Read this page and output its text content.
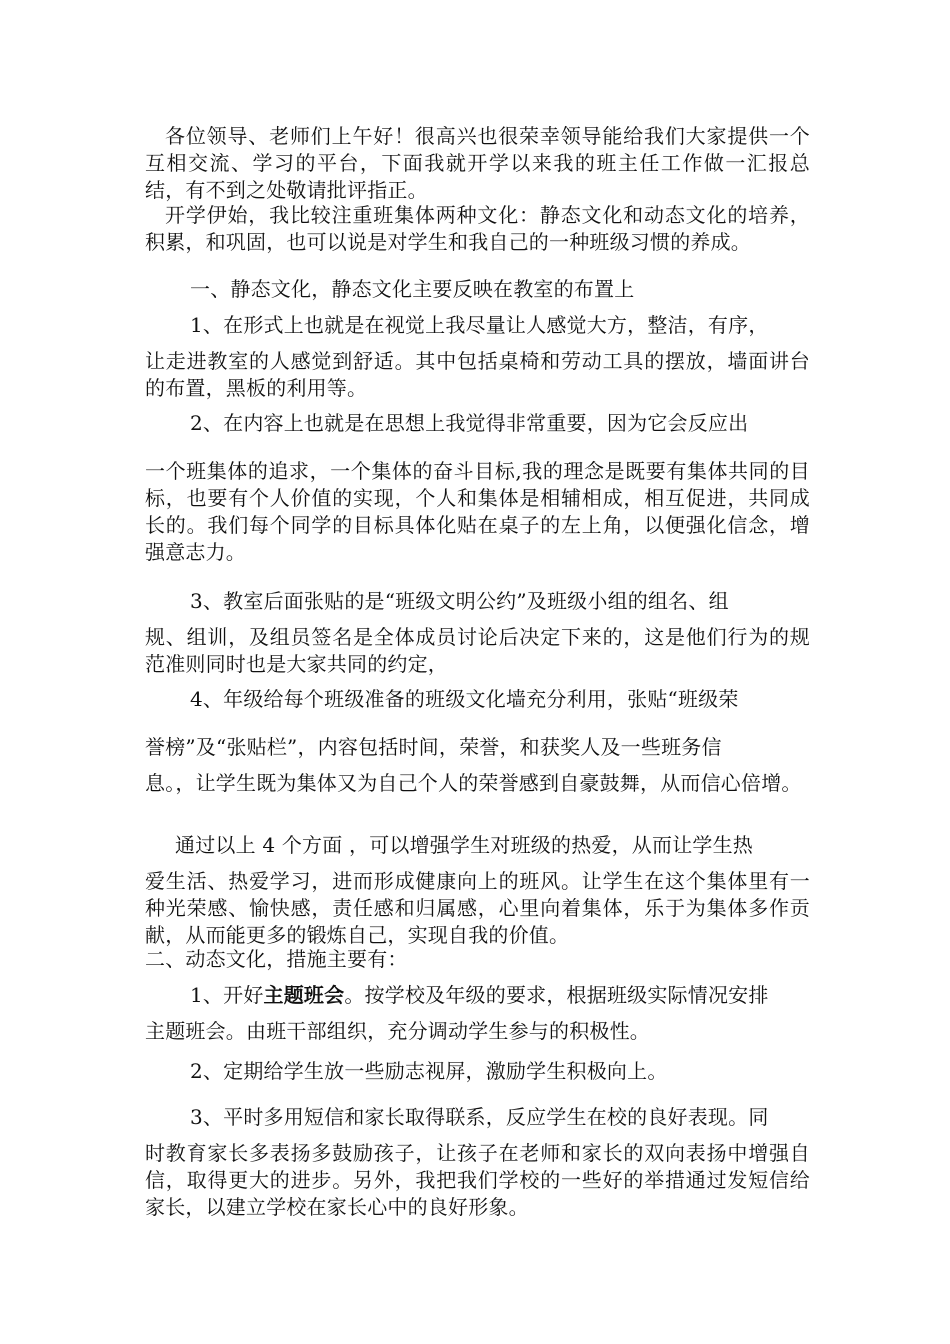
各位领导、老师们上午好！很高兴也很荣幸领导能给我们大家提供一个互相交流、学习的平台，下面我就开学以来我的班主任工作做一汇报总结，有不到之处敬请批评指正。
开学伊始，我比较注重班集体两种文化：静态文化和动态文化的培养，积累，和巩固，也可以说是对学生和我自己的一种班级习惯的养成。
一、静态文化，静态文化主要反映在教室的布置上
1、在形式上也就是在视觉上我尽量让人感觉大方，整洁，有序，
让走进教室的人感觉到舒适。其中包括桌椅和劳动工具的摆放，墙面讲台的布置，黑板的利用等。
2、在内容上也就是在思想上我觉得非常重要，因为它会反应出
一个班集体的追求，一个集体的奋斗目标,我的理念是既要有集体共同的目标，也要有个人价值的实现，个人和集体是相辅相成，相互促进，共同成长的。我们每个同学的目标具体化贴在桌子的左上角，以便强化信念，增强意志力。
3、教室后面张贴的是“班级文明公约”及班级小组的组名、组
规、组训，及组员签名是全体成员讨论后决定下来的，这是他们行为的规范准则同时也是大家共同的约定，
4、年级给每个班级准备的班级文化墙充分利用，张贴“班级荣
誉榜”及“张贴栏”，内容包括时间，荣誉，和获奖人及一些班务信
息。，让学生既为集体又为自己个人的荣誉感到自豪鼓舞，从而信心倍增。
通过以上 4 个方面 ，可以增强学生对班级的热爱，从而让学生热
爱生活、热爱学习，进而形成健康向上的班风。让学生在这个集体里有一种光荣感、愉快感，责任感和归属感，心里向着集体，乐于为集体多作贡献，从而能更多的锻炼自己，实现自我的价值。
二、动态文化，措施主要有：
1、开好主题班会。按学校及年级的要求，根据班级实际情况安排
主题班会。由班干部组织，充分调动学生参与的积极性。
2、定期给学生放一些励志视屏，激励学生积极向上。
3、平时多用短信和家长取得联系，反应学生在校的良好表现。同
时教育家长多表扬多鼓励孩子，让孩子在老师和家长的双向表扬中增强自信，取得更大的进步。另外，我把我们学校的一些好的举措通过发短信给家长，以建立学校在家长心中的良好形象。
